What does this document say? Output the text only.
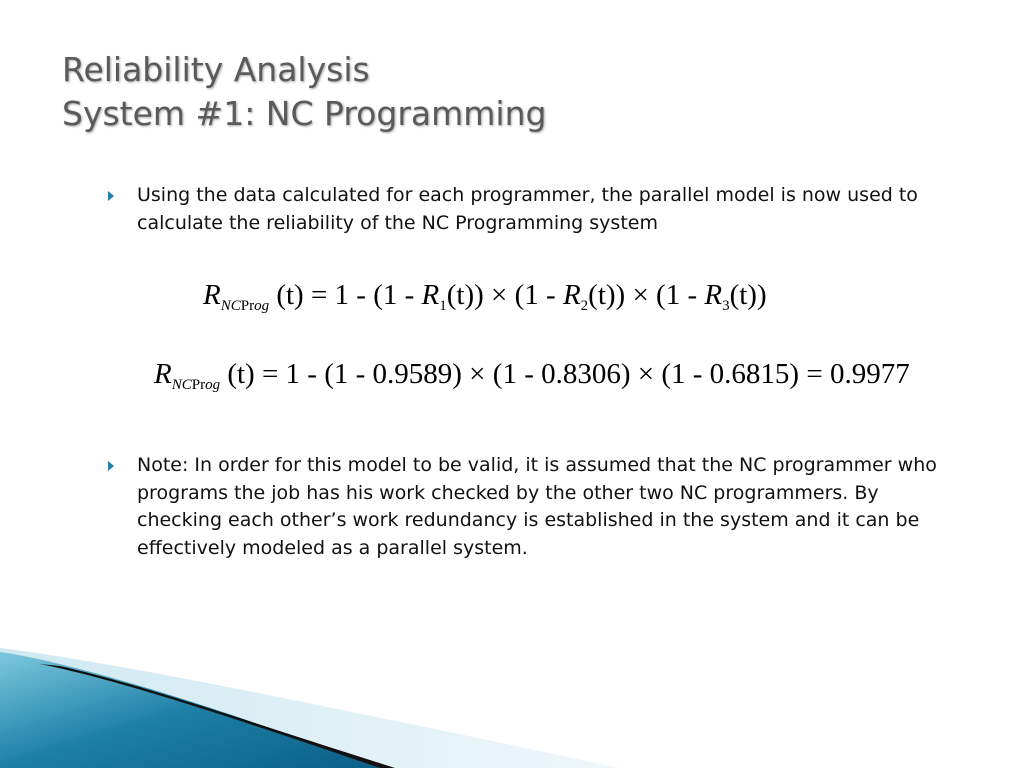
Reliability Analysis
System #1: NC Programming
Using the data calculated for each programmer, the parallel model is now used to calculate the reliability of the NC Programming system
$R_{NCProg}$ $(t) = 1 - (1 - R_1(t)) \times (1 - R_2(t)) \times (1 - R_3(t))$
$R_{NCProg}$ (t) = 1 - (1 - 0.9589) × (1 - 0.8306) × (1 - 0.6815) = 0.9977
Note: In order for this model to be valid, it is assumed that the NC programmer who programs the job has his work checked by the other two NC programmers. By checking each other’s work redundancy is established in the system and it can be effectively modeled as a parallel system.
